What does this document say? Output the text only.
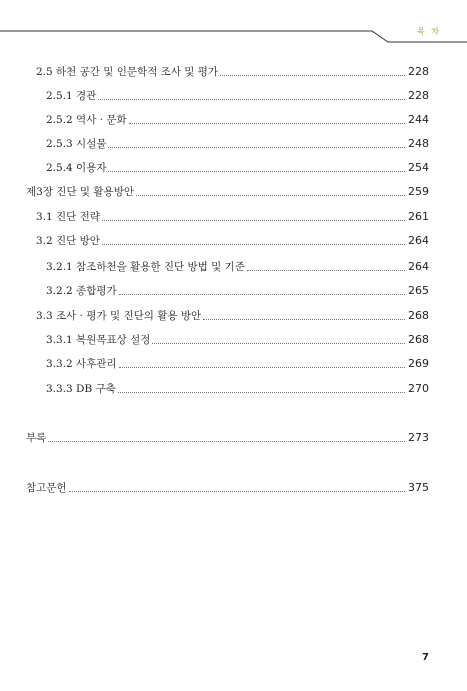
목 차
2.5 하천 공간 및 인문학적 조사 및 평가	228
2.5.1 경관	228
2.5.2 역사 · 문화	244
2.5.3 시설물	248
2.5.4 이용자	254
제3장 진단 및 활용방안	259
3.1 진단 전략	261
3.2 진단 방안	264
3.2.1 참조하천을 활용한 진단 방법 및 기준	264
3.2.2 종합평가	265
3.3 조사 · 평가 및 진단의 활용 방안	268
3.3.1 복원목표상 설정	268
3.3.2 사후관리	269
3.3.3 DB 구축	270
부록	273
참고문헌	375
7
